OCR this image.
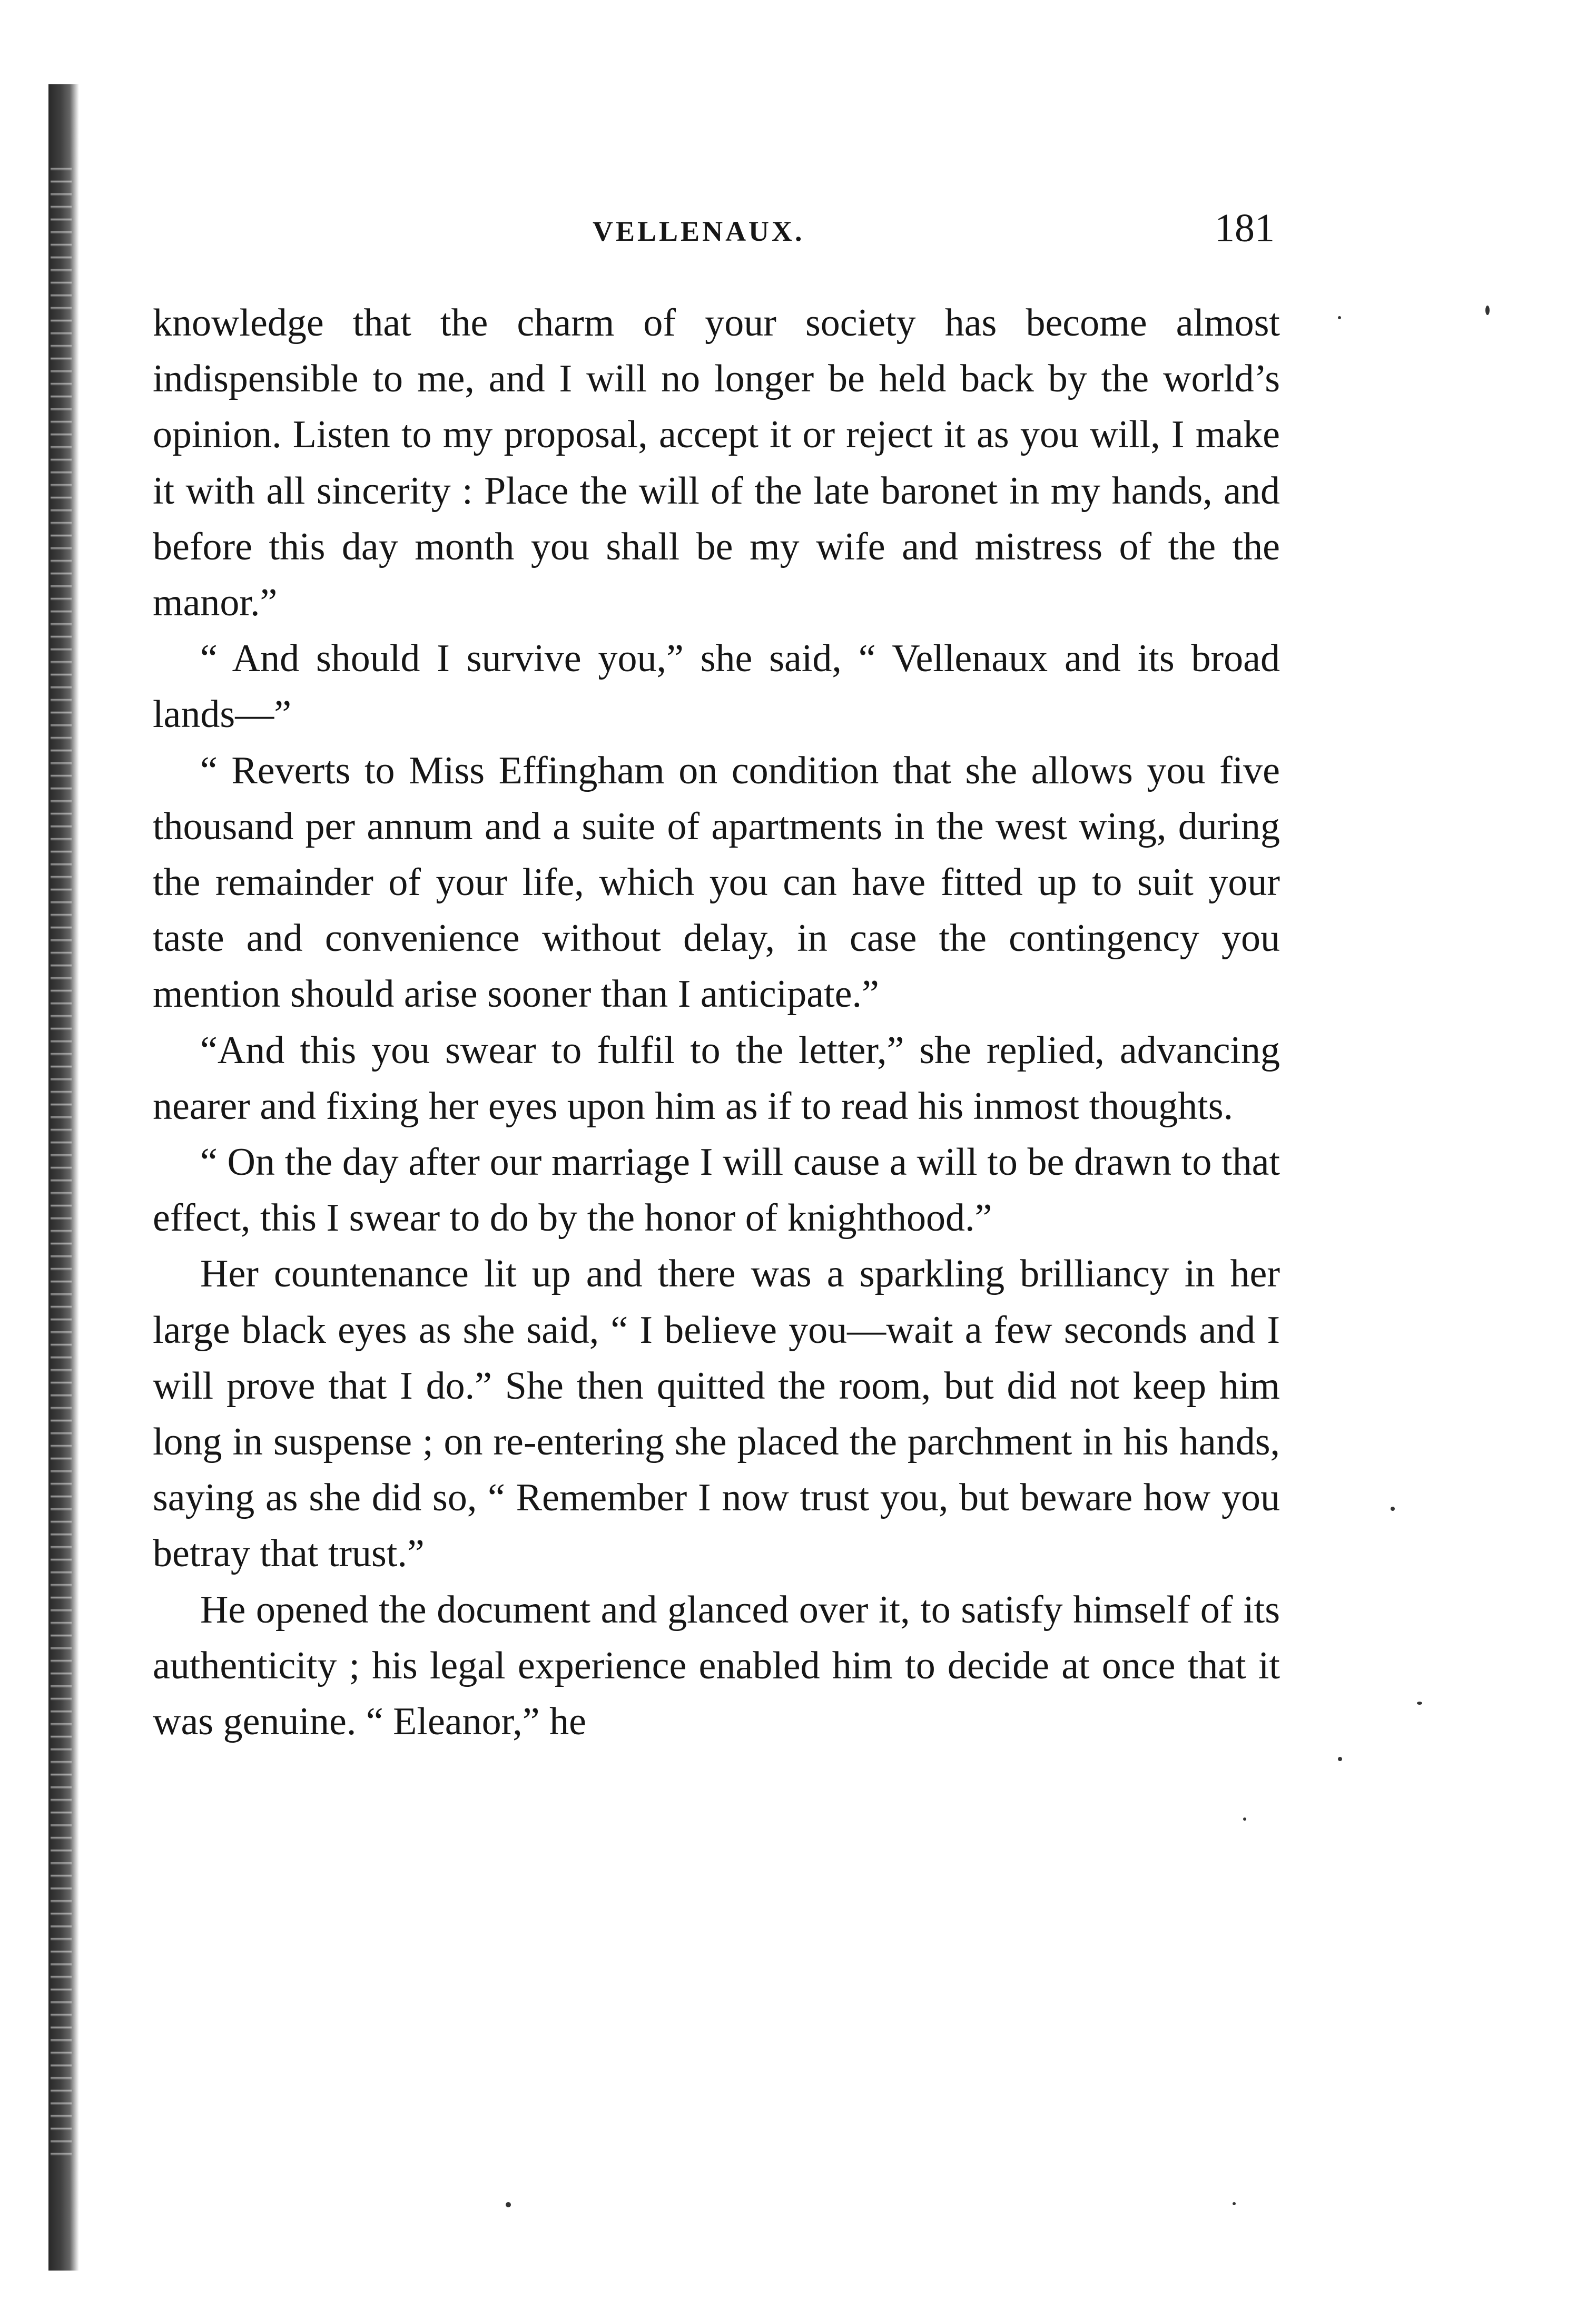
VELLENAUX.	181

knowledge that the charm of your society has become almost indispensible to me, and I will no longer be held back by the world’s opinion. Listen to my proposal, accept it or reject it as you will, I make it with all sincerity : Place the will of the late baronet in my hands, and before this day month you shall be my wife and mistress of the the manor.”

“ And should I survive you,” she said, “ Vellenaux and its broad lands—”

“ Reverts to Miss Effingham on condition that she allows you five thousand per annum and a suite of apartments in the west wing, during the remainder of your life, which you can have fitted up to suit your taste and convenience without delay, in case the contingency you mention should arise sooner than I anticipate.”

“And this you swear to fulfil to the letter,” she replied, advancing nearer and fixing her eyes upon him as if to read his inmost thoughts.

“ On the day after our marriage I will cause a will to be drawn to that effect, this I swear to do by the honor of knighthood.”

Her countenance lit up and there was a sparkling brilliancy in her large black eyes as she said, “ I believe you—wait a few seconds and I will prove that I do.” She then quitted the room, but did not keep him long in suspense ; on re-entering she placed the parchment in his hands, saying as she did so, “ Remember I now trust you, but beware how you betray that trust.”

He opened the document and glanced over it, to satisfy himself of its authenticity ; his legal experience enabled him to decide at once that it was genuine. “ Eleanor,” he
